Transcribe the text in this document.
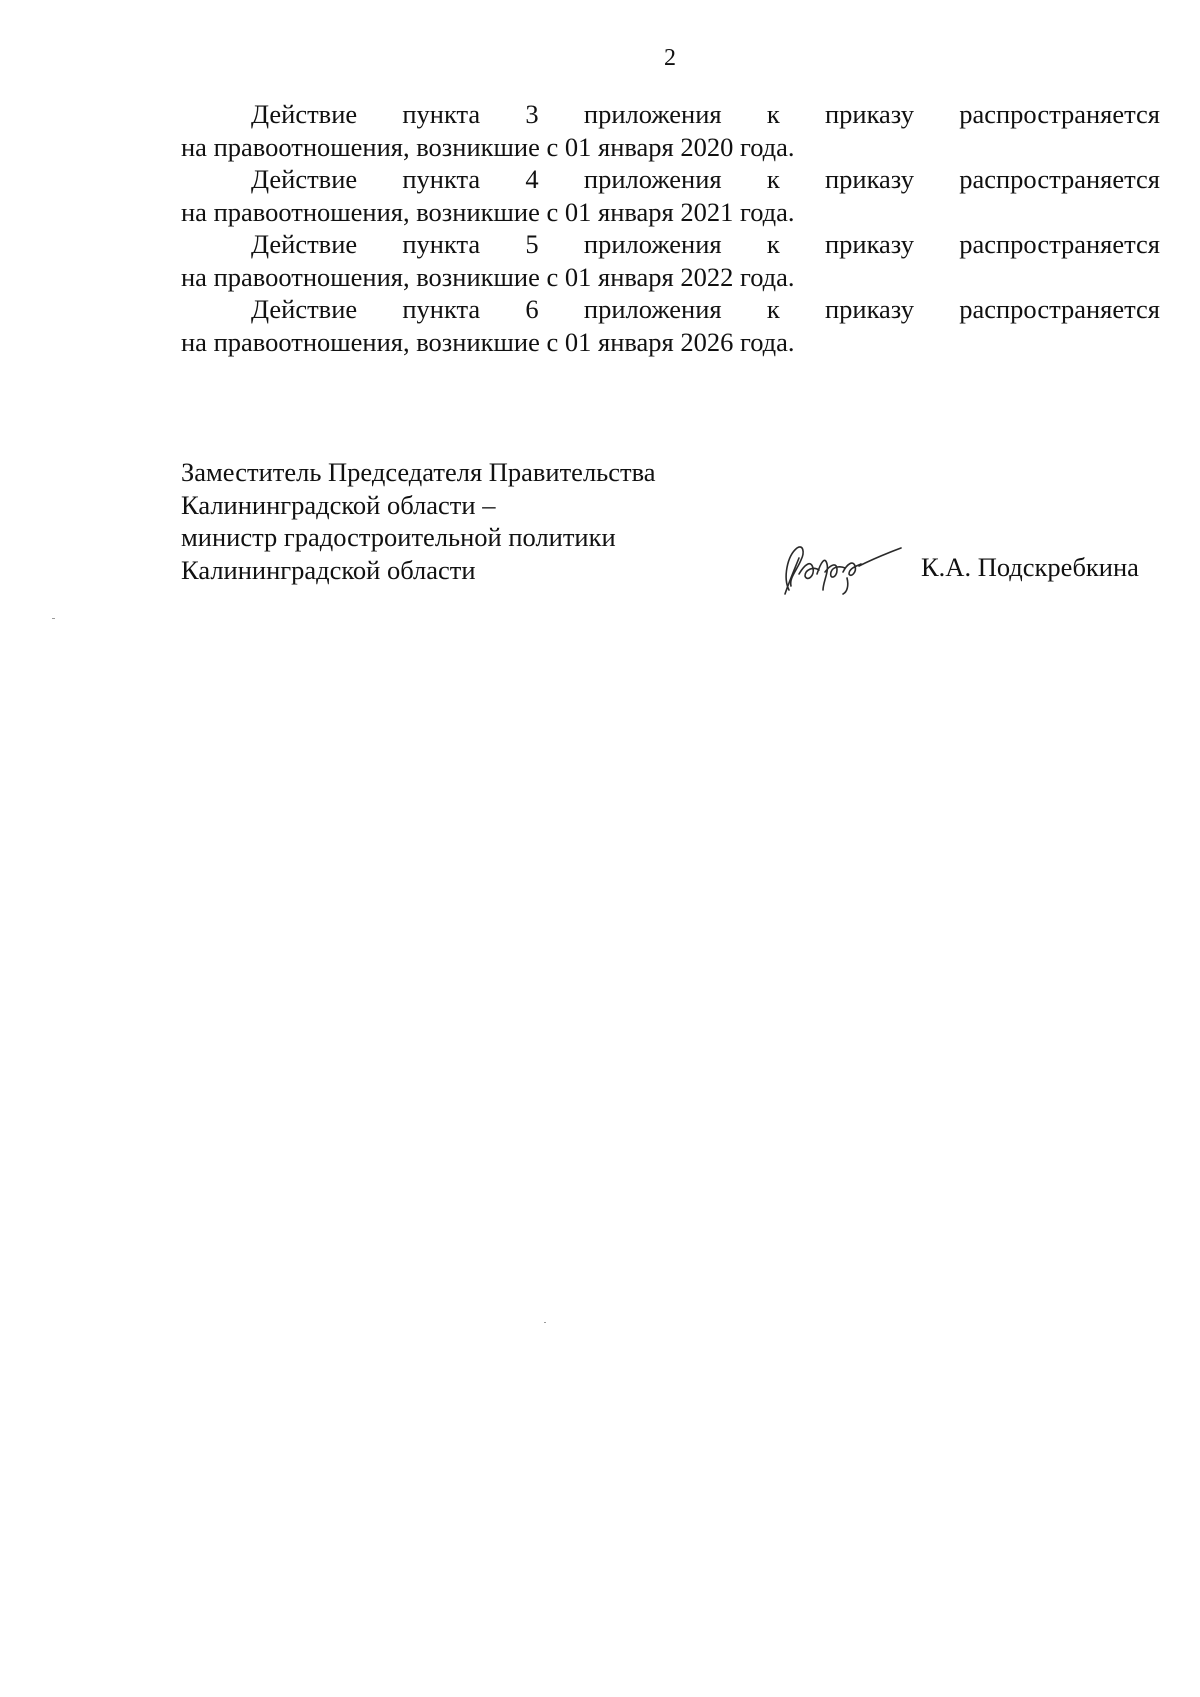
2

Действие пункта 3 приложения к приказу распространяется
на правоотношения, возникшие с 01 января 2020 года.

Действие пункта 4 приложения к приказу распространяется
на правоотношения, возникшие с 01 января 2021 года.

Действие пункта 5 приложения к приказу распространяется
на правоотношения, возникшие с 01 января 2022 года.

Действие пункта 6 приложения к приказу распространяется
на правоотношения, возникшие с 01 января 2026 года.

Заместитель Председателя Правительства
Калининградской области –
министр градостроительной политики
Калининградской области	К.А. Подскребкина
